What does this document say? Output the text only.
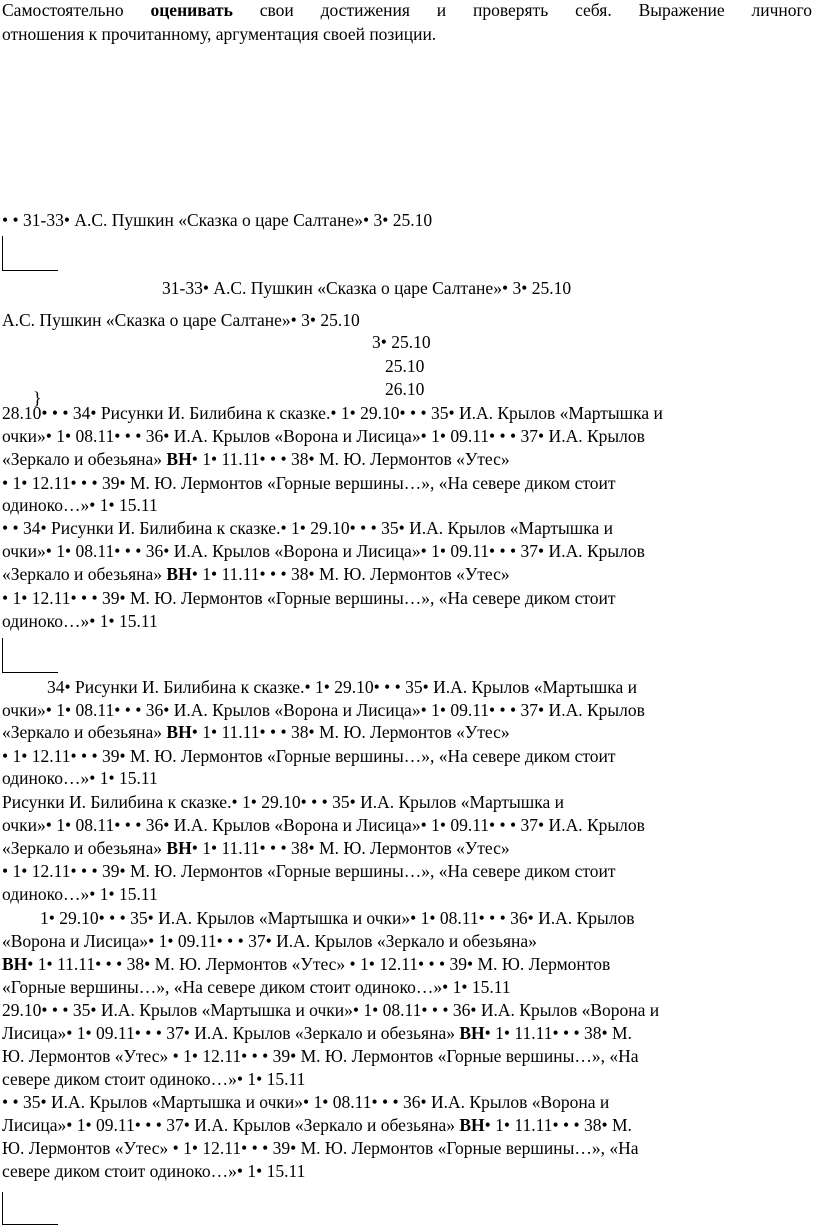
Самостоятельно оценивать свои достижения и проверять себя. Выражение личного
отношения к прочитанному, аргументация своей позиции.
• • 31-33• А.С. Пушкин «Сказка о царе Салтане»• 3• 25.10
31-33• А.С. Пушкин «Сказка о царе Салтане»• 3• 25.10
А.С. Пушкин «Сказка о царе Салтане»• 3• 25.10
3• 25.10
25.10
26.10
}
28.10• • • 34• Рисунки И. Билибина к сказке.• 1• 29.10• • • 35• И.А. Крылов «Мартышка и
очки»• 1• 08.11• • • 36• И.А. Крылов «Ворона и Лисица»• 1• 09.11• • • 37• И.А. Крылов
«Зеркало и обезьяна» ВН• 1• 11.11• • • 38• М. Ю. Лермонтов «Утес»
• 1• 12.11• • • 39• М. Ю. Лермонтов «Горные вершины…», «На севере диком стоит
одиноко…»• 1• 15.11
• • 34• Рисунки И. Билибина к сказке.• 1• 29.10• • • 35• И.А. Крылов «Мартышка и
очки»• 1• 08.11• • • 36• И.А. Крылов «Ворона и Лисица»• 1• 09.11• • • 37• И.А. Крылов
«Зеркало и обезьяна» ВН• 1• 11.11• • • 38• М. Ю. Лермонтов «Утес»
• 1• 12.11• • • 39• М. Ю. Лермонтов «Горные вершины…», «На севере диком стоит
одиноко…»• 1• 15.11
34• Рисунки И. Билибина к сказке.• 1• 29.10• • • 35• И.А. Крылов «Мартышка и
очки»• 1• 08.11• • • 36• И.А. Крылов «Ворона и Лисица»• 1• 09.11• • • 37• И.А. Крылов
«Зеркало и обезьяна» ВН• 1• 11.11• • • 38• М. Ю. Лермонтов «Утес»
• 1• 12.11• • • 39• М. Ю. Лермонтов «Горные вершины…», «На севере диком стоит
одиноко…»• 1• 15.11
Рисунки И. Билибина к сказке.• 1• 29.10• • • 35• И.А. Крылов «Мартышка и
очки»• 1• 08.11• • • 36• И.А. Крылов «Ворона и Лисица»• 1• 09.11• • • 37• И.А. Крылов
«Зеркало и обезьяна» ВН• 1• 11.11• • • 38• М. Ю. Лермонтов «Утес»
• 1• 12.11• • • 39• М. Ю. Лермонтов «Горные вершины…», «На севере диком стоит
одиноко…»• 1• 15.11
1• 29.10• • • 35• И.А. Крылов «Мартышка и очки»• 1• 08.11• • • 36• И.А. Крылов
«Ворона и Лисица»• 1• 09.11• • • 37• И.А. Крылов «Зеркало и обезьяна»
ВН• 1• 11.11• • • 38• М. Ю. Лермонтов «Утес» • 1• 12.11• • • 39• М. Ю. Лермонтов
«Горные вершины…», «На севере диком стоит одиноко…»• 1• 15.11
29.10• • • 35• И.А. Крылов «Мартышка и очки»• 1• 08.11• • • 36• И.А. Крылов «Ворона и
Лисица»• 1• 09.11• • • 37• И.А. Крылов «Зеркало и обезьяна» ВН• 1• 11.11• • • 38• М.
Ю. Лермонтов «Утес» • 1• 12.11• • • 39• М. Ю. Лермонтов «Горные вершины…», «На
севере диком стоит одиноко…»• 1• 15.11
• • 35• И.А. Крылов «Мартышка и очки»• 1• 08.11• • • 36• И.А. Крылов «Ворона и
Лисица»• 1• 09.11• • • 37• И.А. Крылов «Зеркало и обезьяна» ВН• 1• 11.11• • • 38• М.
Ю. Лермонтов «Утес» • 1• 12.11• • • 39• М. Ю. Лермонтов «Горные вершины…», «На
севере диком стоит одиноко…»• 1• 15.11
